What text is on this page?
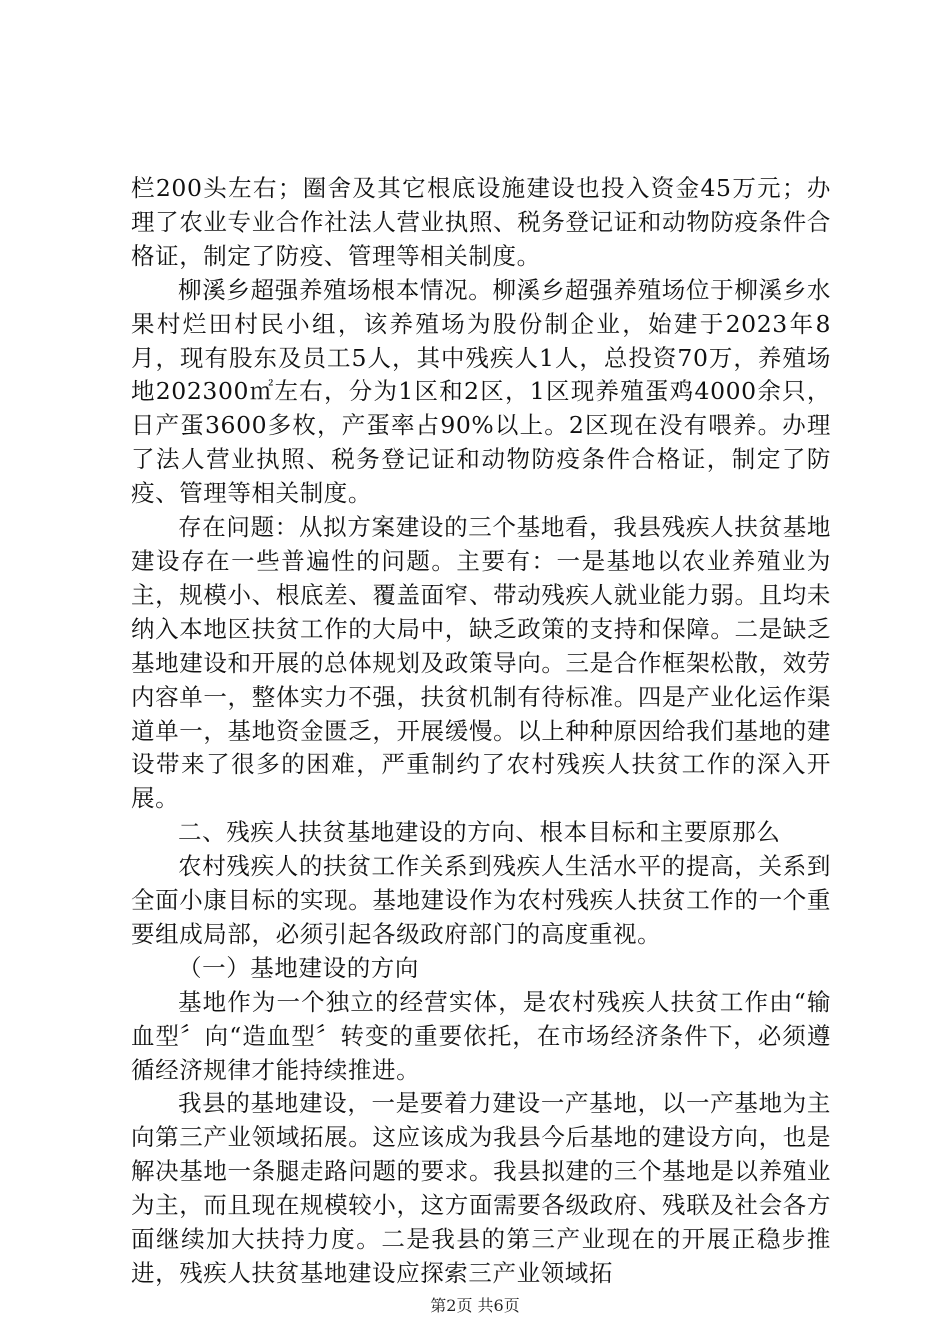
栏200头左右；圈舍及其它根底设施建设也投入资金45万元；办理了农业专业合作社法人营业执照、税务登记证和动物防疫条件合格证，制定了防疫、管理等相关制度。

柳溪乡超强养殖场根本情况。柳溪乡超强养殖场位于柳溪乡水果村烂田村民小组，该养殖场为股份制企业，始建于2023年8月，现有股东及员工5人，其中残疾人1人，总投资70万，养殖场地202300㎡左右，分为1区和2区，1区现养殖蛋鸡4000余只，日产蛋3600多枚，产蛋率占90%以上。2区现在没有喂养。办理了法人营业执照、税务登记证和动物防疫条件合格证，制定了防疫、管理等相关制度。

存在问题：从拟方案建设的三个基地看，我县残疾人扶贫基地建设存在一些普遍性的问题。主要有：一是基地以农业养殖业为主，规模小、根底差、覆盖面窄、带动残疾人就业能力弱。且均未纳入本地区扶贫工作的大局中，缺乏政策的支持和保障。二是缺乏基地建设和开展的总体规划及政策导向。三是合作框架松散，效劳内容单一，整体实力不强，扶贫机制有待标准。四是产业化运作渠道单一，基地资金匮乏，开展缓慢。以上种种原因给我们基地的建设带来了很多的困难，严重制约了农村残疾人扶贫工作的深入开展。

二、残疾人扶贫基地建设的方向、根本目标和主要原那么

农村残疾人的扶贫工作关系到残疾人生活水平的提高，关系到全面小康目标的实现。基地建设作为农村残疾人扶贫工作的一个重要组成局部，必须引起各级政府部门的高度重视。

（一）基地建设的方向

基地作为一个独立的经营实体，是农村残疾人扶贫工作由“输血型〞向“造血型〞转变的重要依托，在市场经济条件下，必须遵循经济规律才能持续推进。

我县的基地建设，一是要着力建设一产基地，以一产基地为主向第三产业领域拓展。这应该成为我县今后基地的建设方向，也是解决基地一条腿走路问题的要求。我县拟建的三个基地是以养殖业为主，而且现在规模较小，这方面需要各级政府、残联及社会各方面继续加大扶持力度。二是我县的第三产业现在的开展正稳步推进，残疾人扶贫基地建设应探索三产业领域拓

第2页 共6页
